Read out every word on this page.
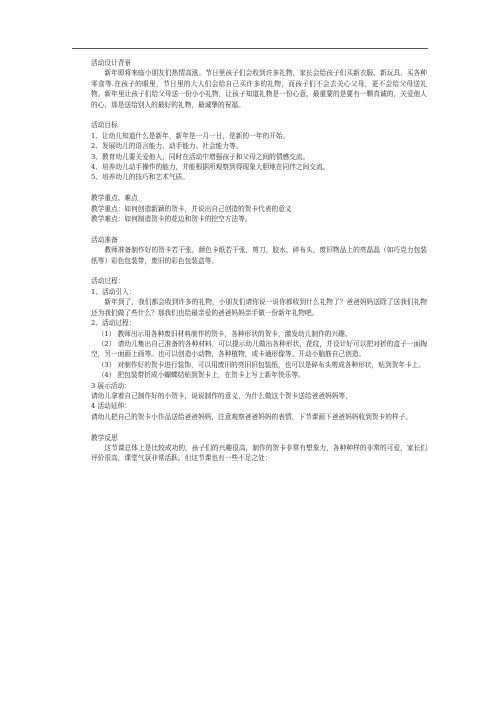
活动设计背景

新年即将来临小朋友们热情高涨。节日里孩子们会收到许多礼物，家长会给孩子们买新衣服、新玩具、买各种零食等.在孩子的眼里，节日里的大人们会给自己买许多的礼物，而孩子们不会去关心父母，更不会给父母送礼物。新年里让孩子们给父母送一份小小礼物，让孩子知道礼物是一份心意，最重要的是要有一颗真诚的，关爱他人的心，那是送给别人的最好的礼物，最诚挚的祝福。

活动目标

1、让幼儿知道什么是新年，新年是一月一日，是新的一年的开始。

2、发展幼儿的语言能力、动手能力、社会能力等。

3、教育幼儿要关爱他人，同时在活动中增强孩子和父母之间的情感交流。

4、培养幼儿动手操作的能力，并能根据所观察到得现象大胆地在同伴之间交流。

5、培养幼儿的技巧和艺术气质。

教学重点、难点

教学重点：如何创造新颖的贺卡，并说出自己创造的贺卡代表的意义

教学难点：如何制造贺卡的花边和贺卡的挖空方法等。

活动准备

教师准备制作好的贺卡若干张，颜色卡纸若干张，剪刀，胶水，碎布头，废旧物品上的亮晶晶（如巧克力包装纸等）彩色包装带，废旧的彩色包装盒等。

活动过程：

1、活动引入：

新年到了，我们都会收到许多的礼物，小朋友们请你说一说你都收到什么礼物了？爸爸妈妈送除了送我们礼物还为我们做了些什么？那我们也给最亲爱的爸爸妈妈亲手做一份新年礼物吧。

2、活动过程：

（1） 教师出示用各种废旧材料制作的贺卡，各种形状的贺卡，激发幼儿制作的兴趣。

（2） 请幼儿集出自己准备的各种材料，可以提示幼儿做出各种形状，花纹，并设计好可以把对折的盒子一面掏空，另一面画上画等。也可以创造小动物，各种植物，或卡通形像等。开动小脑筋自己创造。

（3） 对制作好的贺卡进行装饰，可以用废旧的亮旧旧包装纸，也可以是碎布头剪成各种形状，贴到贺年卡上。

（4） 把包装带折成小蝴蝶结贴到贺卡上，在贺卡上写上新年快乐等。

3 展示活动：

请幼儿拿着自己制作好的小贺卡，说说制作的意义，为什么做这个贺卡送给爸爸妈妈等，

4 活动延伸：

请幼儿把自己的贺卡小作品送给爸爸妈妈，注意观察爸爸妈妈的表情，下节课画下爸爸妈妈收到贺卡的样子。

教学反思

这节课总体上是比较成功的，孩子们的兴趣很高，制作的贺卡非常有想象力，各种种样的非常的可爱，家长们评价很高，课堂气氛非常活跃。但这节课也有一些不足之处：
